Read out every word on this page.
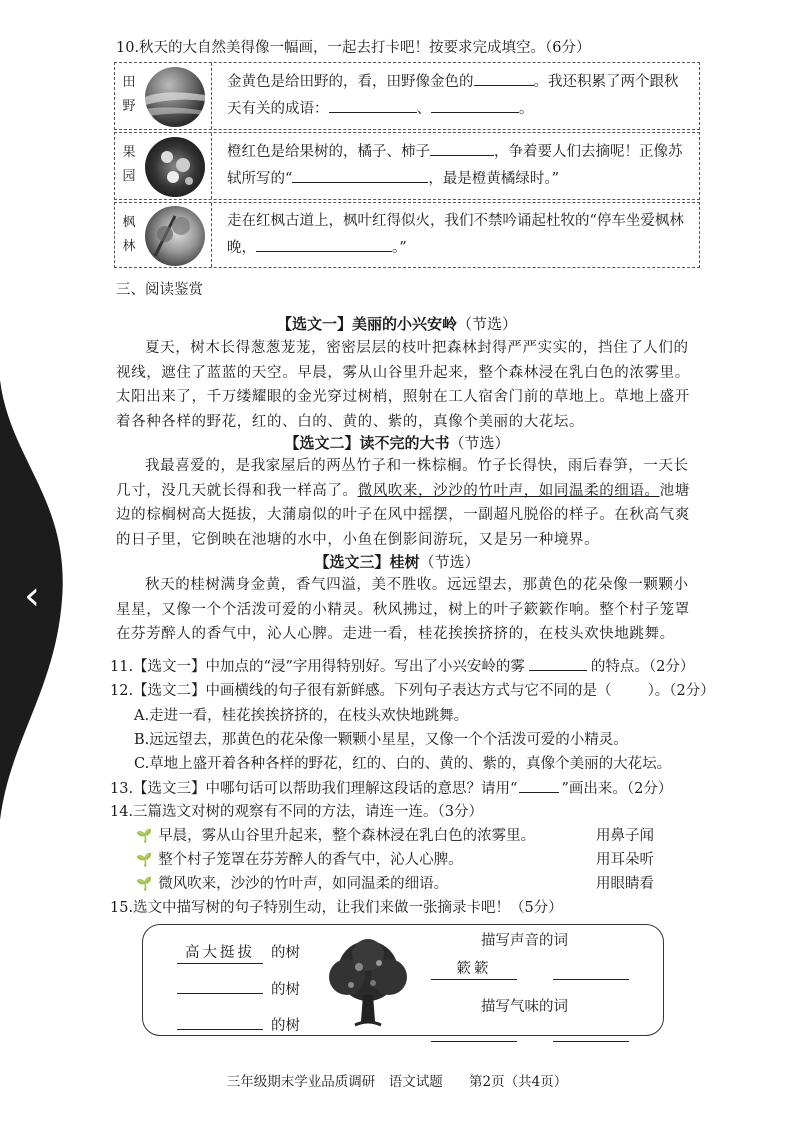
‹
10.秋天的大自然美得像一幅画，一起去打卡吧！按要求完成填空。（6分）
田野
金黄色是给田野的，看，田野像金色的	。我还积累了两个跟秋
天有关的成语：	、	。
果园
橙红色是给果树的，橘子、柿子	，争着要人们去摘呢！正像苏
轼所写的“	，最是橙黄橘绿时。”
枫林
走在红枫古道上，枫叶红得似火，我们不禁吟诵起杜牧的“停车坐爱枫林
晚，	。”
三、阅读鉴赏
【选文一】美丽的小兴安岭（节选）
夏天，树木长得葱葱茏茏，密密层层的枝叶把森林封得严严实实的，挡住了人们的视线，遮住了蓝蓝的天空。早晨，雾从山谷里升起来，整个森林浸在乳白色的浓雾里。太阳出来了，千万缕耀眼的金光穿过树梢，照射在工人宿舍门前的草地上。草地上盛开着各种各样的野花，红的、白的、黄的、紫的，真像个美丽的大花坛。
【选文二】读不完的大书（节选）
我最喜爱的，是我家屋后的两丛竹子和一株棕榈。竹子长得快，雨后春笋，一天长几寸，没几天就长得和我一样高了。微风吹来，沙沙的竹叶声，如同温柔的细语。池塘边的棕榈树高大挺拔，大蒲扇似的叶子在风中摇摆，一副超凡脱俗的样子。在秋高气爽的日子里，它倒映在池塘的水中，小鱼在倒影间游玩，又是另一种境界。
【选文三】桂树（节选）
秋天的桂树满身金黄，香气四溢，美不胜收。远远望去，那黄色的花朵像一颗颗小星星，又像一个个活泼可爱的小精灵。秋风拂过，树上的叶子簌簌作响。整个村子笼罩在芬芳醉人的香气中，沁人心脾。走进一看，桂花挨挨挤挤的，在枝头欢快地跳舞。
11.【选文一】中加点的“浸”字用得特别好。写出了小兴安岭的雾	的特点。（2分）
12.【选文二】中画横线的句子很有新鲜感。下列句子表达方式与它不同的是（ ）。（2分）
A.走进一看，桂花挨挨挤挤的，在枝头欢快地跳舞。
B.远远望去，那黄色的花朵像一颗颗小星星，又像一个个活泼可爱的小精灵。
C.草地上盛开着各种各样的野花，红的、白的、黄的、紫的，真像个美丽的大花坛。
13.【选文三】中哪句话可以帮助我们理解这段话的意思？请用“	”画出来。（2分）
14.三篇选文对树的观察有不同的方法，请连一连。（3分）
🌱 早晨，雾从山谷里升起来，整个森林浸在乳白色的浓雾里。
🌱 整个村子笼罩在芬芳醉人的香气中，沁人心脾。
🌱 微风吹来，沙沙的竹叶声，如同温柔的细语。
用鼻子闻
用耳朵听
用眼睛看
15.选文中描写树的句子特别生动，让我们来做一张摘录卡吧！（5分）
高大挺拔 的树
的树
的树
描写声音的词
簌簌
描写气味的词
三年级期末学业品质调研　语文试题 第2页（共4页）
